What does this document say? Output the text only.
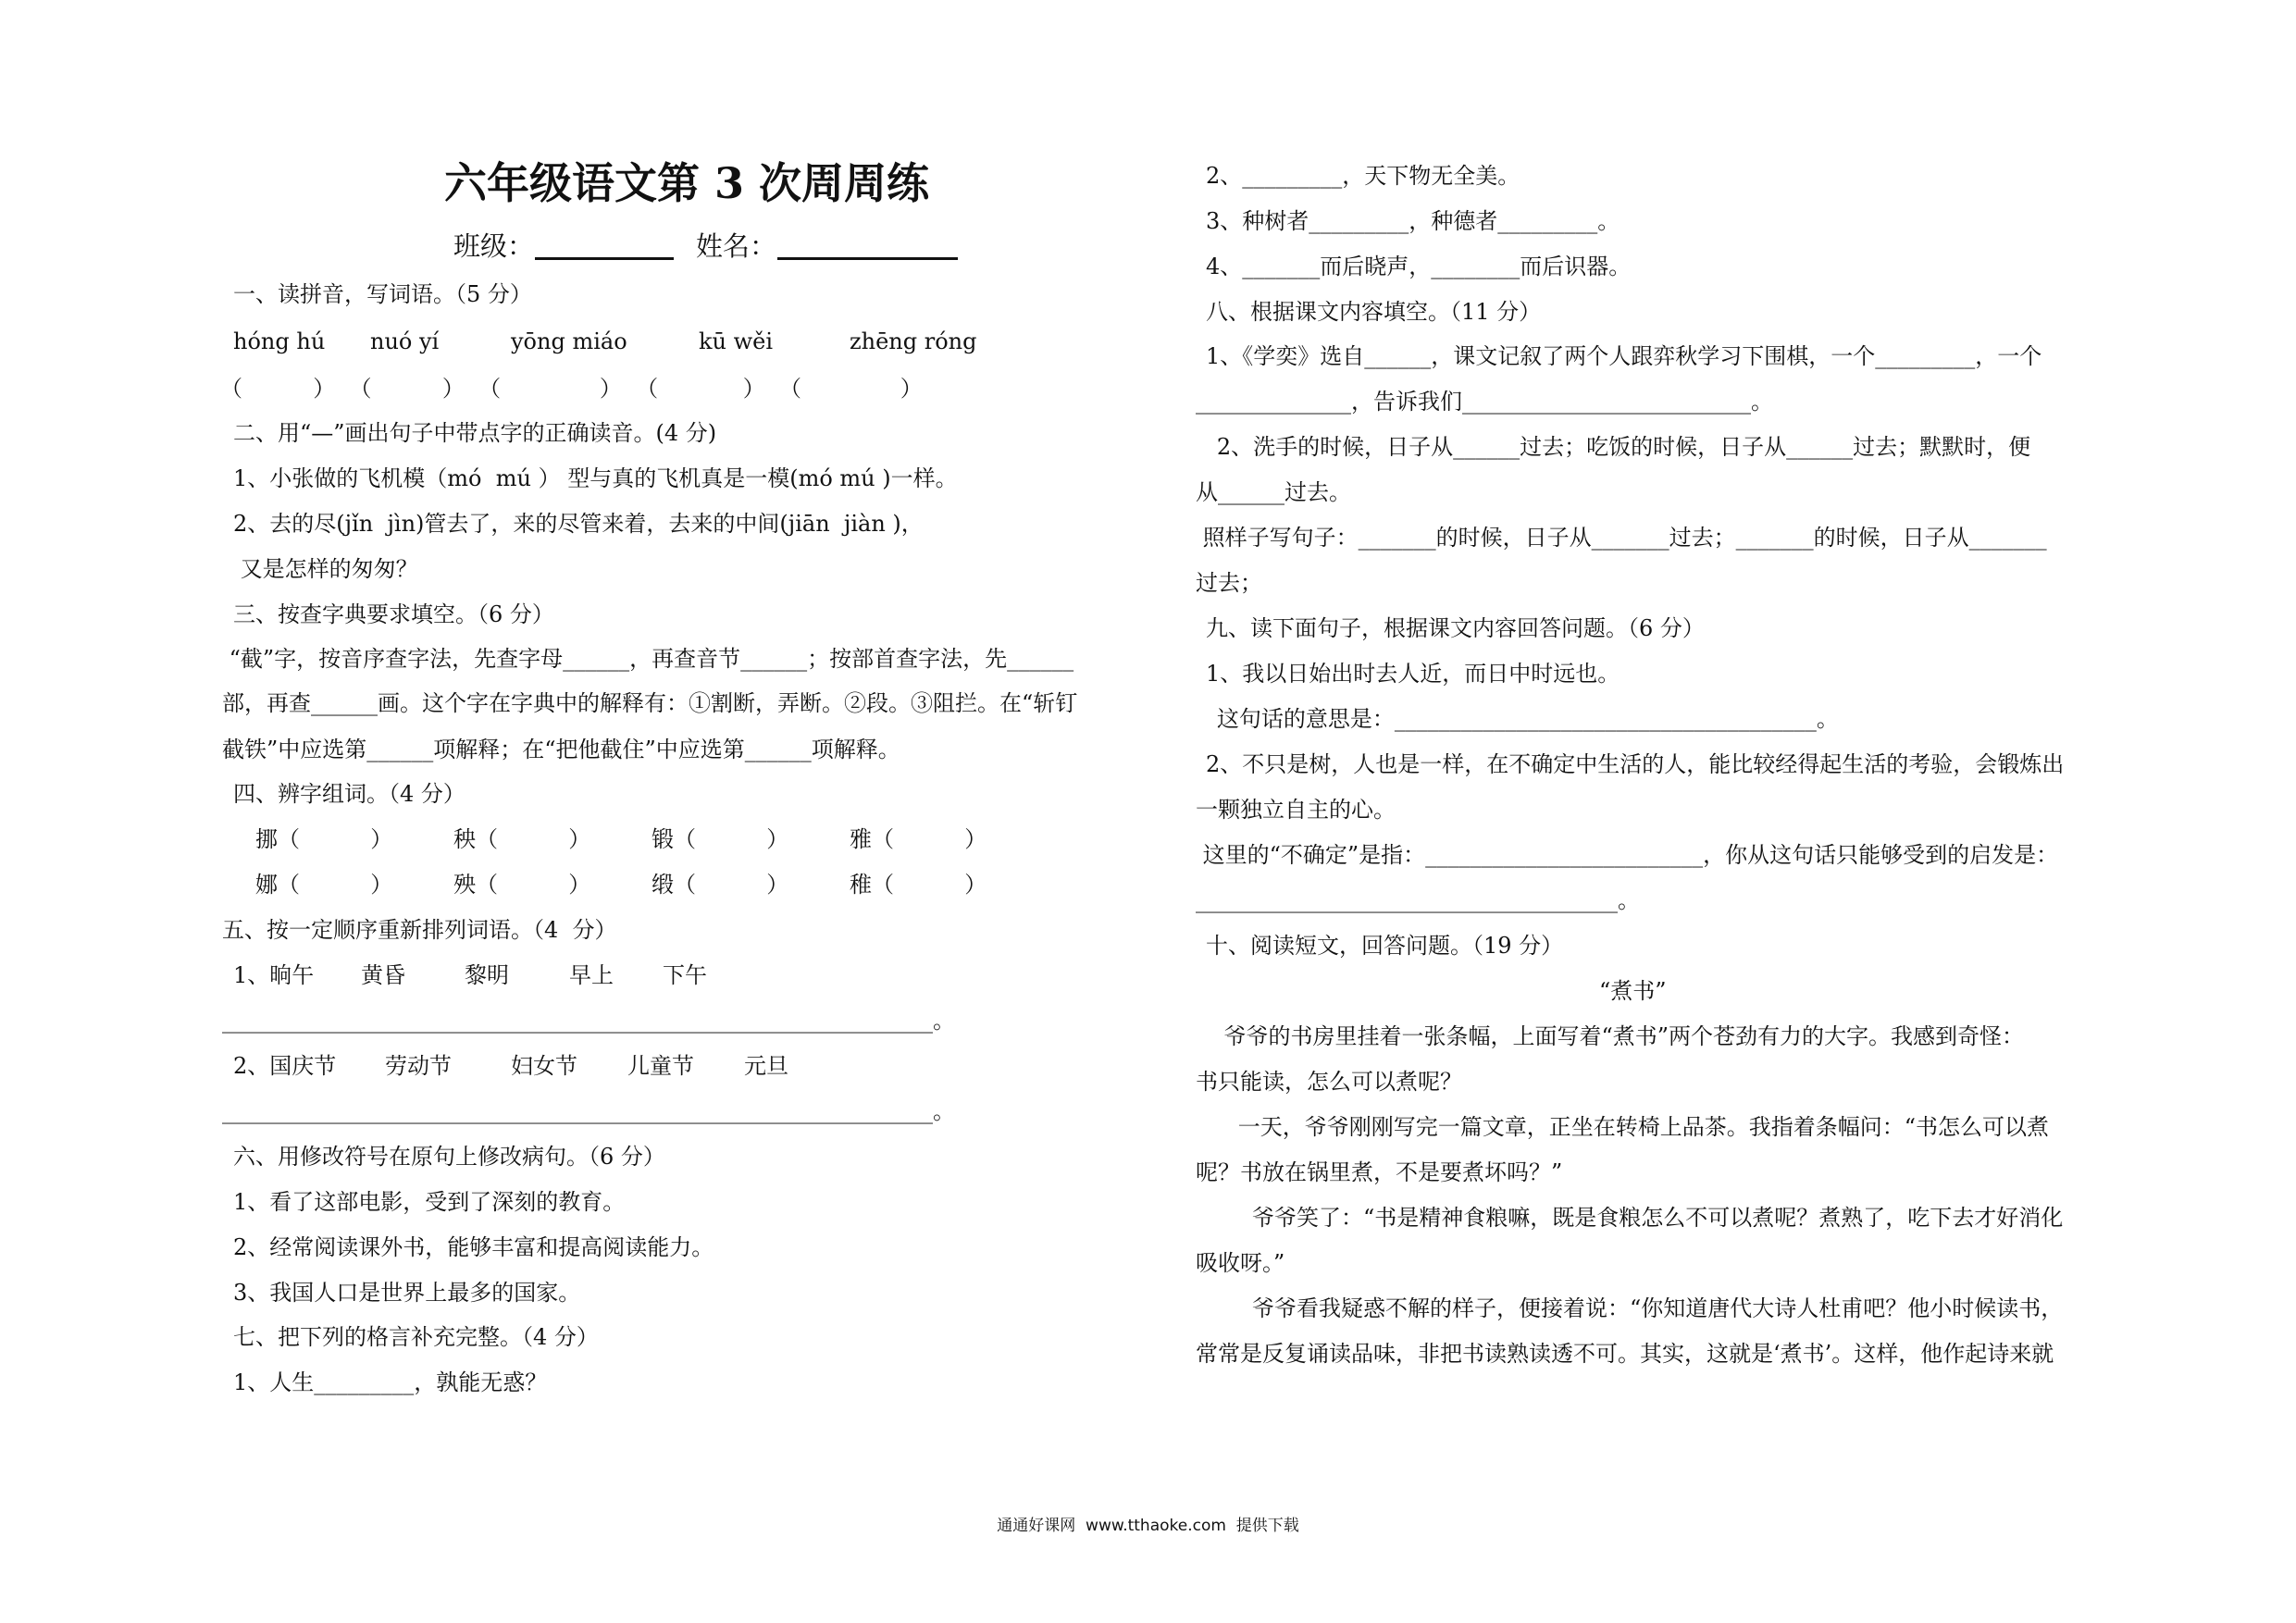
六年级语文第 3 次周周练
班级：	姓名：
一、读拼音，写词语。（5 分）
hóng hú nuó yí	yōng miáo	kū wěi	zhēng róng
（          ）  （          ）  （              ）  （            ）  （              ）
二、用“—”画出句子中带点字的正确读音。(4 分)
1、小张做的飞机模（mó  mú ） 型与真的飞机真是一模(mó mú )一样。
2、去的尽(jǐn  jìn)管去了，来的尽管来着，去来的中间(jiān  jiàn )，
又是怎样的匆匆？
三、按查字典要求填空。（6 分）
“截”字，按音序查字法，先查字母______，再查音节______；按部首查字法，先______
部，再查______画。这个字在字典中的解释有：①割断，弄断。②段。③阻拦。在“斩钉
截铁”中应选第______项解释；在“把他截住”中应选第______项解释。
四、辨字组词。（4 分）
挪（          ）	秧（          ）	锻（          ）	雅（          ）
娜（          ）	殃（          ）	缎（          ）	稚（          ）
五、按一定顺序重新排列词语。（4  分）
1、晌午 黄昏	黎明	早上 下午
________________________________________________________________。
2、国庆节 劳动节	妇女节 儿童节 元旦
________________________________________________________________。
六、用修改符号在原句上修改病句。（6 分）
1、看了这部电影，受到了深刻的教育。
2、经常阅读课外书，能够丰富和提高阅读能力。
3、我国人口是世界上最多的国家。
七、把下列的格言补充完整。（4 分）
1、人生_________，孰能无惑？
2、_________，天下物无全美。
3、种树者_________，种德者_________。
4、_______而后晓声，________而后识器。
八、根据课文内容填空。（11 分）
1、《学奕》选自______，课文记叙了两个人跟弈秋学习下围棋，一个_________，一个
______________，告诉我们__________________________。
2、洗手的时候，日子从______过去；吃饭的时候，日子从______过去；默默时，便
从______过去。
照样子写句子：_______的时候，日子从_______过去；_______的时候，日子从_______
过去；
九、读下面句子，根据课文内容回答问题。（6 分）
1、我以日始出时去人近，而日中时远也。
这句话的意思是：______________________________________。
2、不只是树，人也是一样，在不确定中生活的人，能比较经得起生活的考验，会锻炼出
一颗独立自主的心。
这里的“不确定”是指：_________________________，你从这句话只能够受到的启发是：
______________________________________。
十、阅读短文，回答问题。（19 分）
“煮书”
爷爷的书房里挂着一张条幅，上面写着“煮书”两个苍劲有力的大字。我感到奇怪：
书只能读，怎么可以煮呢？
一天，爷爷刚刚写完一篇文章，正坐在转椅上品茶。我指着条幅问：“书怎么可以煮
呢？书放在锅里煮，不是要煮坏吗？”
爷爷笑了：“书是精神食粮嘛，既是食粮怎么不可以煮呢？煮熟了，吃下去才好消化
吸收呀。”
爷爷看我疑惑不解的样子，便接着说：“你知道唐代大诗人杜甫吧？他小时候读书，
常常是反复诵读品味，非把书读熟读透不可。其实，这就是‘煮书’。这样，他作起诗来就
通通好课网  www.tthaoke.com  提供下载
